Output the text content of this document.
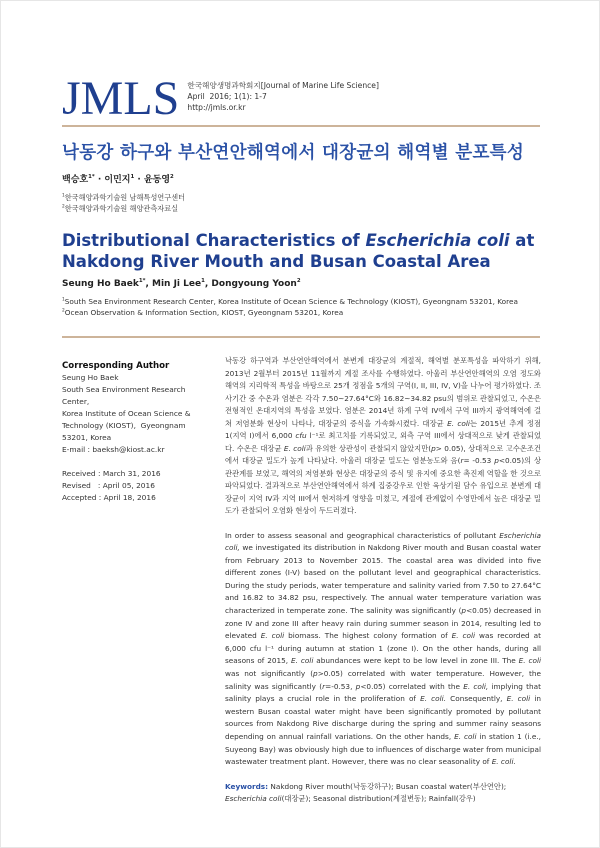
JMLS 한국해양생명과학회지[Journal of Marine Life Science]
April  2016; 1(1): 1-7
http://jmls.or.kr
낙동강 하구와 부산연안해역에서 대장균의 해역별 분포특성
백승호$^{1*}$ · 이민지$^1$ · 윤동영$^2$
$^1$한국해양과학기술원 남해특성연구센터
$^2$한국해양과학기술원 해양관측자료실
Distributional Characteristics of Escherichia coli at
Nakdong River Mouth and Busan Coastal Area
Seung Ho Baek$^{1*}$, Min Ji Lee$^1$, Dongyoung Yoon$^2$
$^1$South Sea Environment Research Center, Korea Institute of Ocean Science & Technology (KIOST), Gyeongnam 53201, Korea
$^2$Ocean Observation & Information Section, KIOST, Gyeongnam 53201, Korea
Corresponding Author
Seung Ho Baek
South Sea Environment Research Center,
Korea Institute of Ocean Science &
Technology (KIOST),  Gyeongnam
53201, Korea
E-mail : baeksh@kiost.ac.kr
Received : March 31, 2016
Revised   : April 05, 2016
Accepted : April 18, 2016
낙동강 하구역과 부산연안해역에서 분변계 대장균의 계절적, 해역별 분포특성을 파악하기 위해, 2013년 2월부터 2015년 11월까지 계절 조사를 수행하였다. 아울러 부산연안해역의 오염 정도와 해역의 지리학적 특성을 바탕으로 25개 정점을 5개의 구역(I, II, III, IV, V)을 나누어 평가하였다. 조사기간 중 수온과 염분은 각각 7.50~27.64°C와 16.82~34.82 psu의 범위로 관찰되었고, 수온은 전형적인 온대지역의 특성을 보였다. 염분은 2014년 하계 구역 IV에서 구역 III까지 광역해역에 걸쳐 저염분화 현상이 나타나, 대장균의 증식을 가속화시켰다. 대장균 E. coli는 2015년 추계 정점 1(지역 I)에서 6,000 cfu l⁻¹로 최고치를 기록되었고, 외측 구역 III에서 상대적으로 낮게 관찰되었다. 수온은 대장균 E. coli과 유의한 상관성이 관찰되지 않았지만(p> 0.05), 상대적으로 고수온조건에서 대장균 밀도가 높게 나타났다. 아울러 대장균 밀도는 염분농도와 음(r= -0.53 p<0.05)의 상관관계를 보였고, 해역의 저염분화 현상은 대장균의 증식 및 유지에 중요한 촉진제 역할을 한 것으로 파악되었다. 결과적으로 부산연안해역에서 하계 집중강우로 인한 육상기원 담수 유입으로 분변계 대장균이 지역 IV과 지역 III에서 현저하게 영향을 미쳤고, 계절에 관계없이 수영만에서 높은 대장균 밀도가 관찰되어 오염화 현상이 두드러졌다.
In order to assess seasonal and geographical characteristics of pollutant Escherichia coli, we investigated its distribution in Nakdong River mouth and Busan coastal water from February 2013 to November 2015. The coastal area was divided into five different zones (I-V) based on the pollutant level and geographical characteristics. During the study periods, water temperature and salinity varied from 7.50 to 27.64°C and 16.82 to 34.82 psu, respectively. The annual water temperature variation was characterized in temperate zone. The salinity was significantly (p<0.05) decreased in zone IV and zone III after heavy rain during summer season in 2014, resulting led to elevated E. coli biomass. The highest colony formation of E. coli was recorded at 6,000 cfu l⁻¹ during autumn at station 1 (zone I). On the other hands, during all seasons of 2015, E. coli abundances were kept to be low level in zone III. The E. coli was not significantly (p>0.05) correlated with water temperature. However, the salinity was significantly (r=-0.53, p<0.05) correlated with the E. coli, implying that salinity plays a crucial role in the proliferation of E. coli. Consequently, E. coli in western Busan coastal water might have been significantly promoted by pollutant sources from Nakdong Rive discharge during the spring and summer rainy seasons depending on annual rainfall variations. On the other hands, E. coli in station 1 (i.e., Suyeong Bay) was obviously high due to influences of discharge water from municipal wastewater treatment plant. However, there was no clear seasonality of E. coli.
Keywords: Nakdong River mouth(낙동강하구); Busan coastal water(부산연안); Escherichia coli(대장균); Seasonal distribution(계절변동); Rainfall(강우)
